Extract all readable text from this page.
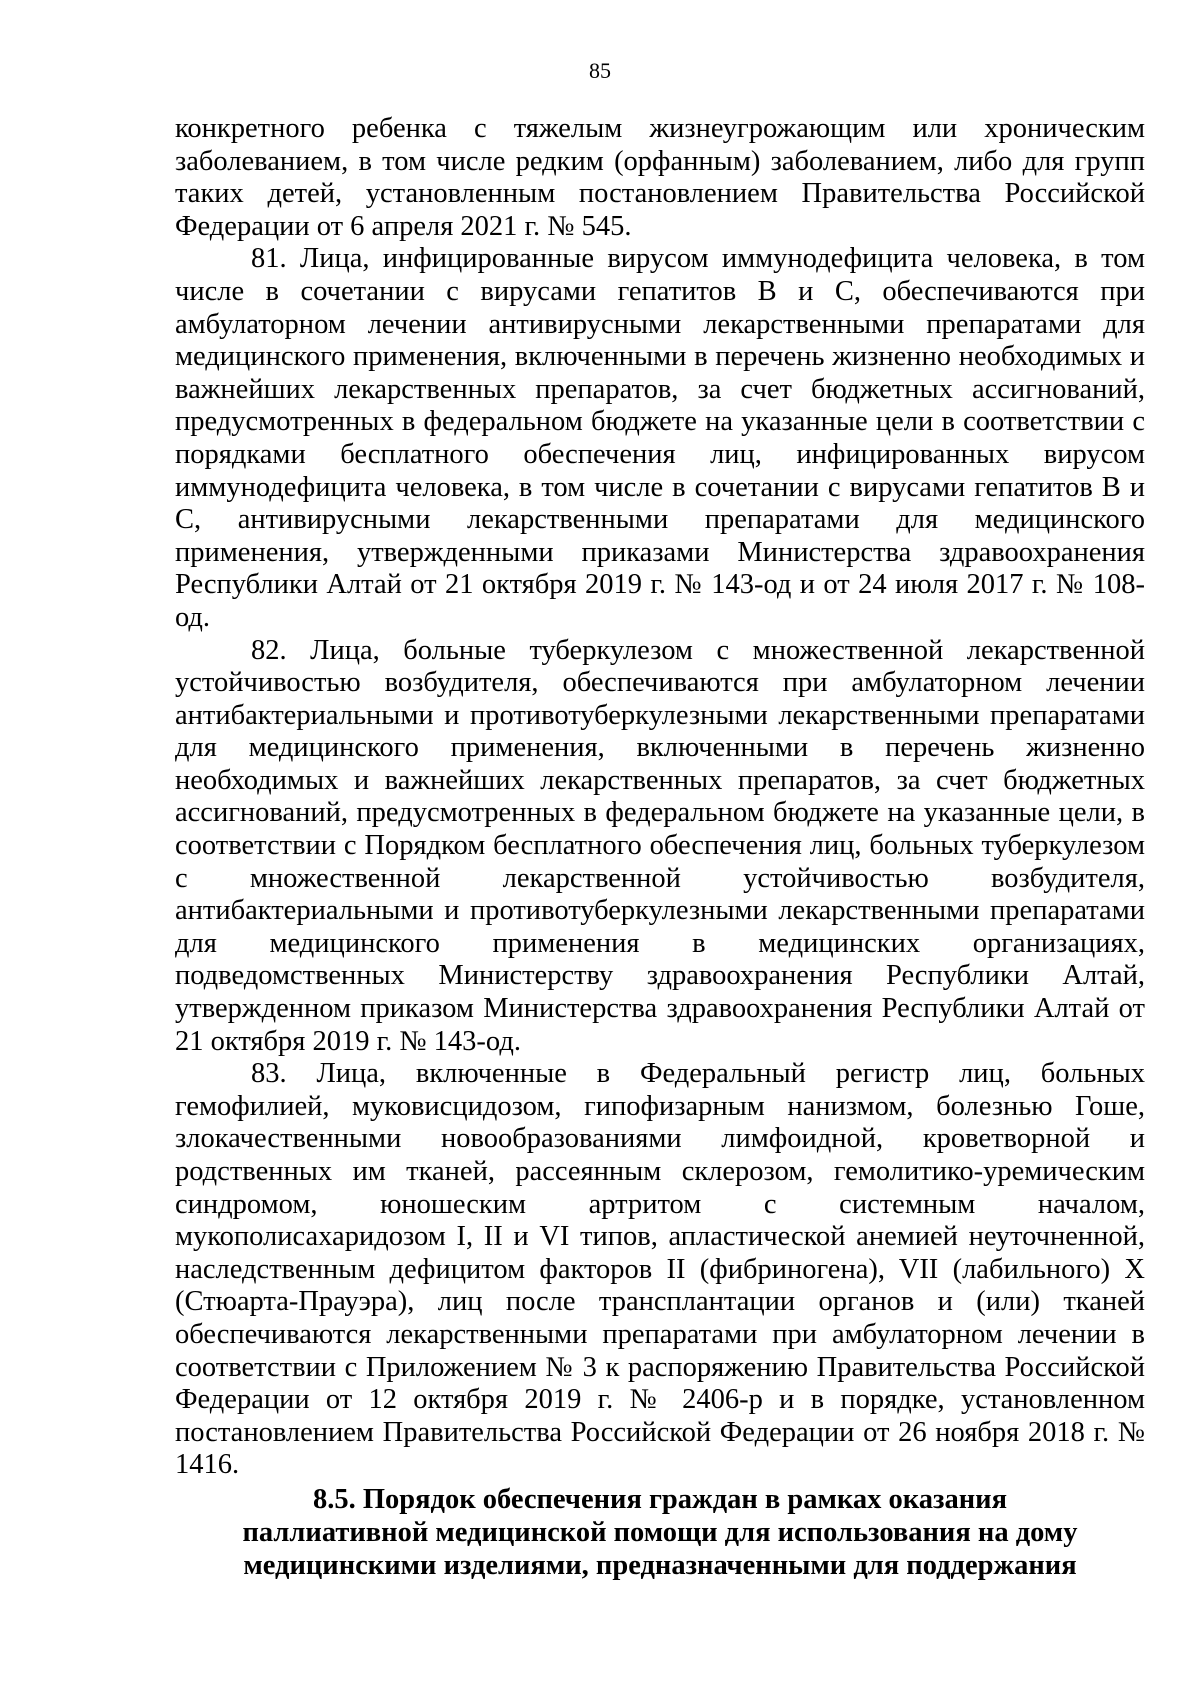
85

конкретного ребенка с тяжелым жизнеугрожающим или хроническим заболеванием, в том числе редким (орфанным) заболеванием, либо для групп таких детей, установленным постановлением Правительства Российской Федерации от 6 апреля 2021 г. № 545.

81. Лица, инфицированные вирусом иммунодефицита человека, в том числе в сочетании с вирусами гепатитов B и C, обеспечиваются при амбулаторном лечении антивирусными лекарственными препаратами для медицинского применения, включенными в перечень жизненно необходимых и важнейших лекарственных препаратов, за счет бюджетных ассигнований, предусмотренных в федеральном бюджете на указанные цели в соответствии с порядками бесплатного обеспечения лиц, инфицированных вирусом иммунодефицита человека, в том числе в сочетании с вирусами гепатитов B и C, антивирусными лекарственными препаратами для медицинского применения, утвержденными приказами Министерства здравоохранения Республики Алтай от 21 октября 2019 г. № 143-од и от 24 июля 2017 г. № 108-од.

82. Лица, больные туберкулезом с множественной лекарственной устойчивостью возбудителя, обеспечиваются при амбулаторном лечении антибактериальными и противотуберкулезными лекарственными препаратами для медицинского применения, включенными в перечень жизненно необходимых и важнейших лекарственных препаратов, за счет бюджетных ассигнований, предусмотренных в федеральном бюджете на указанные цели, в соответствии с Порядком бесплатного обеспечения лиц, больных туберкулезом с множественной лекарственной устойчивостью возбудителя, антибактериальными и противотуберкулезными лекарственными препаратами для медицинского применения в медицинских организациях, подведомственных Министерству здравоохранения Республики Алтай, утвержденном приказом Министерства здравоохранения Республики Алтай от 21 октября 2019 г. № 143-од.

83. Лица, включенные в Федеральный регистр лиц, больных гемофилией, муковисцидозом, гипофизарным нанизмом, болезнью Гоше, злокачественными новообразованиями лимфоидной, кроветворной и родственных им тканей, рассеянным склерозом, гемолитико-уремическим синдромом, юношеским артритом с системным началом, мукополисахаридозом I, II и VI типов, апластической анемией неуточненной, наследственным дефицитом факторов II (фибриногена), VII (лабильного) X (Стюарта-Прауэра), лиц после трансплантации органов и (или) тканей обеспечиваются лекарственными препаратами при амбулаторном лечении в соответствии с Приложением № 3 к распоряжению Правительства Российской Федерации от 12 октября 2019 г. № 2406-р и в порядке, установленном постановлением Правительства Российской Федерации от 26 ноября 2018 г. № 1416.

8.5. Порядок обеспечения граждан в рамках оказания
паллиативной медицинской помощи для использования на дому
медицинскими изделиями, предназначенными для поддержания
